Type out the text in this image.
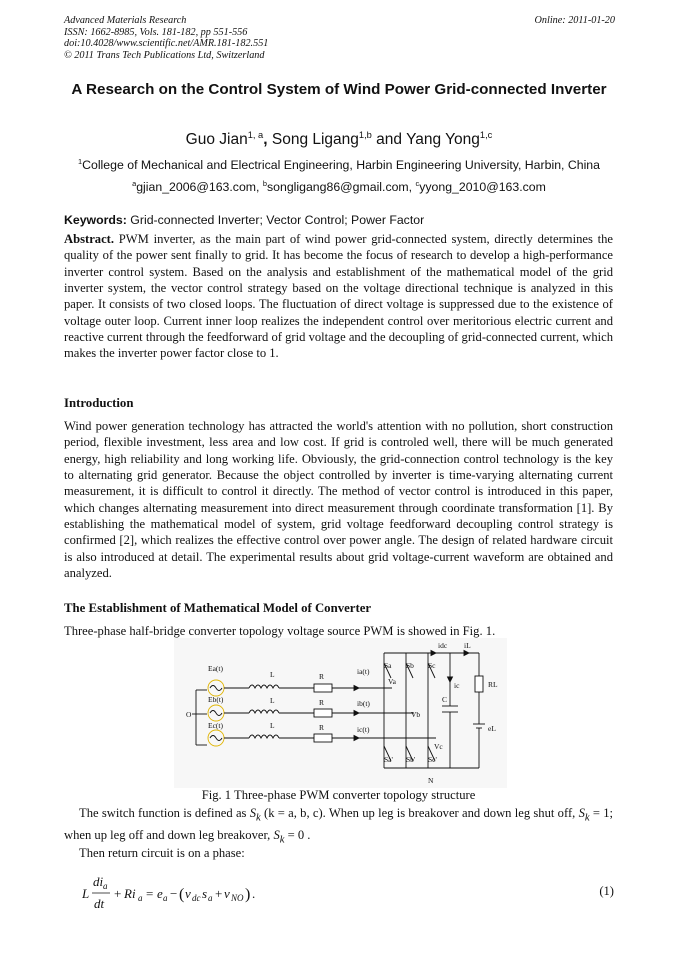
Advanced Materials Research
ISSN: 1662-8985, Vols. 181-182, pp 551-556
doi:10.4028/www.scientific.net/AMR.181-182.551
© 2011 Trans Tech Publications Ltd, Switzerland
Online: 2011-01-20
A Research on the Control System of Wind Power Grid-connected Inverter
Guo Jian$^{1, a}$, Song Ligang$^{1,b}$ and Yang Yong$^{1,c}$
$^1$College of Mechanical and Electrical Engineering, Harbin Engineering University, Harbin, China
$^a$gjian_2006@163.com, $^b$songligang86@gmail.com, $^c$yyong_2010@163.com
Keywords: Grid-connected Inverter; Vector Control; Power Factor
Abstract. PWM inverter, as the main part of wind power grid-connected system, directly determines the quality of the power sent finally to grid. It has become the focus of research to develop a high-performance inverter control system. Based on the analysis and establishment of the mathematical model of the grid inverter system, the vector control strategy based on the voltage directional technique is analyzed in this paper. It consists of two closed loops. The fluctuation of direct voltage is suppressed due to the existence of voltage outer loop. Current inner loop realizes the independent control over meritorious electric current and reactive current through the feedforward of grid voltage and the decoupling of grid-connected current, which makes the inverter power factor close to 1.
Introduction
Wind power generation technology has attracted the world's attention with no pollution, short construction period, flexible investment, less area and low cost. If grid is controled well, there will be much generated energy, high reliability and long working life. Obviously, the grid-connection control technology is the key to alternating grid generator. Because the object controlled by inverter is time-varying alternating current measurement, it is difficult to control it directly. The method of vector control is introduced in this paper, which changes alternating measurement into direct measurement through coordinate transformation [1]. By establishing the mathematical model of system, grid voltage feedforward decoupling control strategy is confirmed [2], which realizes the effective control over power angle. The design of related hardware circuit is also introduced at detail. The experimental results about grid voltage-current waveform are obtained and analyzed.
The Establishment of Mathematical Model of Converter
Three-phase half-bridge converter topology voltage source PWM is showed in Fig. 1.
Ea(t)
Eb(t)
Ec(t)
O
L
L
L
R
R
R
ia(t)
ib(t)
ic(t)
Sa Sb Sc
Sa' Sb' Sc'
Va
Vb
Vc
idc iL
ic
C
RL
eL
N
Fig. 1 Three-phase PWM converter topology structure
The switch function is defined as $S_k$ (k = a, b, c). When up leg is breakover and down leg shut off, $S_k = 1$; when up leg off and down leg breakover, $S_k = 0$ .
Then return circuit is on a phase:
L
di a
dt
+ Ri a = e a − ( v dc s a + v NO ) .	(1)
